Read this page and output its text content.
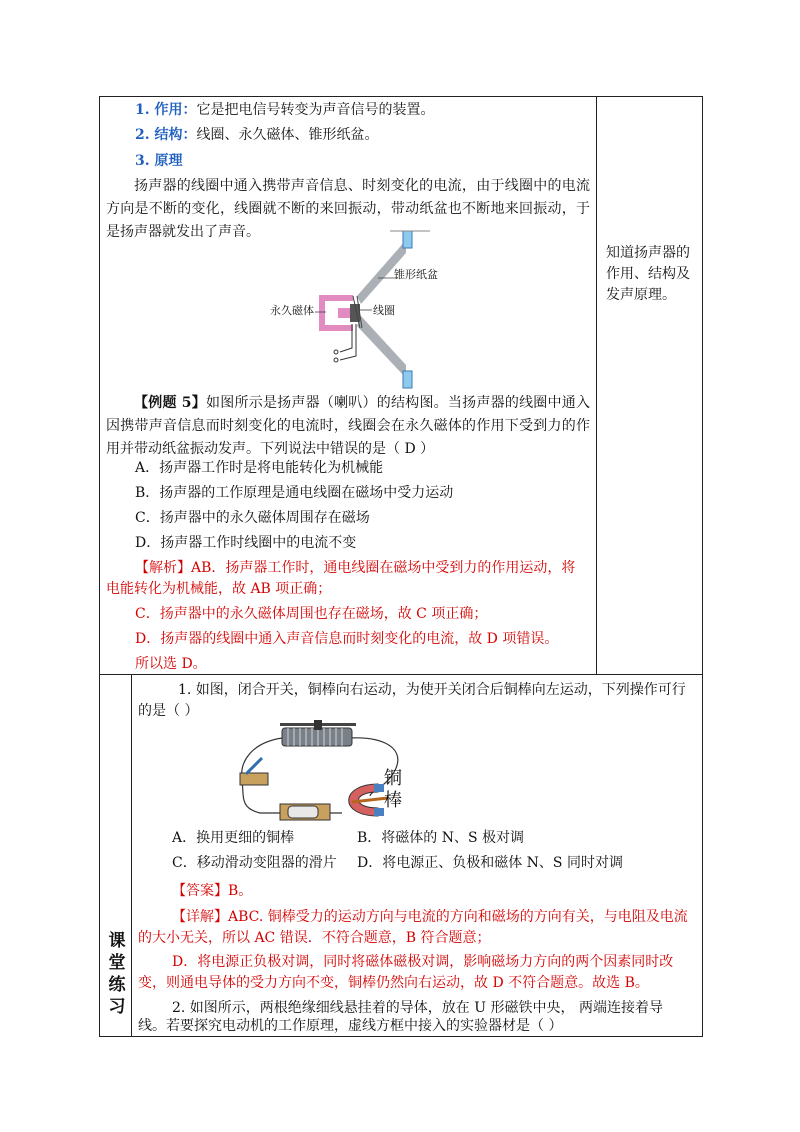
1. 作用：它是把电信号转变为声音信号的装置。
2. 结构：线圈、永久磁体、锥形纸盆。
3. 原理
扬声器的线圈中通入携带声音信息、时刻变化的电流，由于线圈中的电流方向是不断的变化，线圈就不断的来回振动，带动纸盆也不断地来回振动，于是扬声器就发出了声音。
锥形纸盆
永久磁体	线圈
【例题 5】如图所示是扬声器（喇叭）的结构图。当扬声器的线圈中通入因携带声音信息而时刻变化的电流时，线圈会在永久磁体的作用下受到力的作用并带动纸盆振动发声。下列说法中错误的是（ D ）
A．扬声器工作时是将电能转化为机械能
B．扬声器的工作原理是通电线圈在磁场中受力运动
C．扬声器中的永久磁体周围存在磁场
D．扬声器工作时线圈中的电流不变
【解析】AB．扬声器工作时，通电线圈在磁场中受到力的作用运动，将
电能转化为机械能，故 AB 项正确；
C．扬声器中的永久磁体周围也存在磁场，故 C 项正确；
D．扬声器的线圈中通入声音信息而时刻变化的电流，故 D 项错误。
所以选 D。
知道扬声器的作用、结构及发声原理。
课堂练习
1. 如图，闭合开关，铜棒向右运动，为使开关闭合后铜棒向左运动，下列操作可行
的是（ ）
铜棒
A．换用更细的铜棒	B．将磁体的 N、S 极对调
C．移动滑动变阻器的滑片 D．将电源正、负极和磁体 N、S 同时对调
【答案】B。
【详解】ABC. 铜棒受力的运动方向与电流的方向和磁场的方向有关，与电阻及电流
的大小无关，所以 AC 错误．不符合题意，B 符合题意；
D．将电源正负极对调，同时将磁体磁极对调，影响磁场力方向的两个因素同时改
变，则通电导体的受力方向不变，铜棒仍然向右运动，故 D 不符合题意。故选 B。
2. 如图所示，两根绝缘细线悬挂着的导体，放在 U 形磁铁中央， 两端连接着导
线。若要探究电动机的工作原理，虚线方框中接入的实验器材是（ ）
